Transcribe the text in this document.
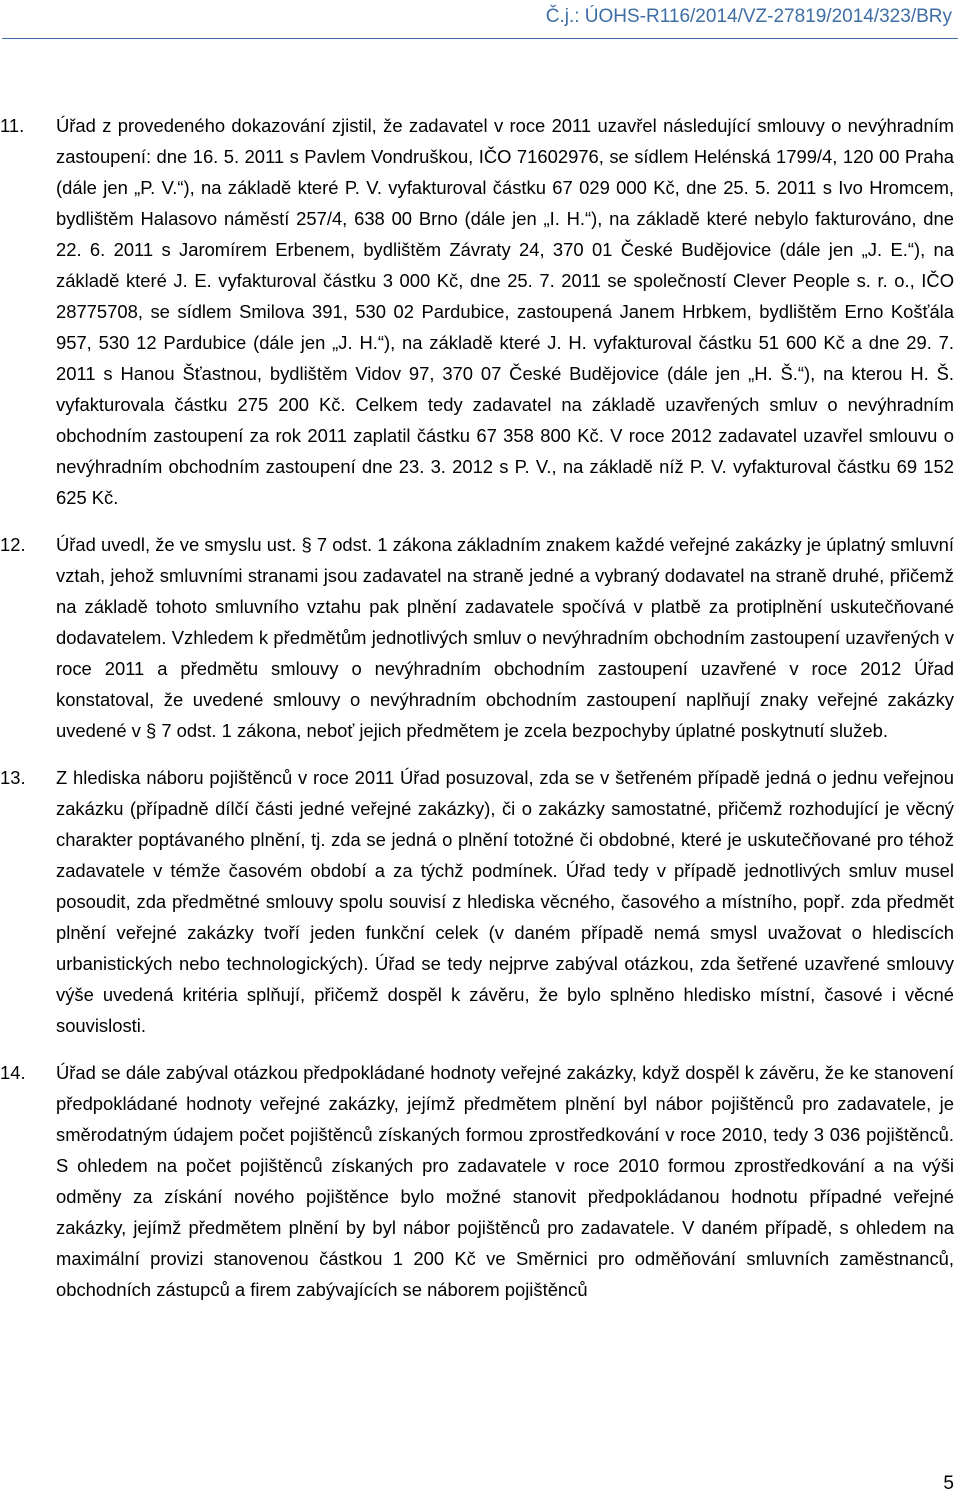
Č.j.: ÚOHS-R116/2014/VZ-27819/2014/323/BRy

11. Úřad z provedeného dokazování zjistil, že zadavatel v roce 2011 uzavřel následující smlouvy o nevýhradním zastoupení: dne 16. 5. 2011 s Pavlem Vondruškou, IČO 71602976, se sídlem Helénská 1799/4, 120 00 Praha (dále jen „P. V.“), na základě které P. V. vyfakturoval částku 67 029 000 Kč, dne 25. 5. 2011 s Ivo Hromcem, bydlištěm Halasovo náměstí 257/4, 638 00 Brno (dále jen „I. H.“), na základě které nebylo fakturováno, dne 22. 6. 2011 s Jaromírem Erbenem, bydlištěm Závraty 24, 370 01 České Budějovice (dále jen „J. E.“), na základě které J. E. vyfakturoval částku 3 000 Kč, dne 25. 7. 2011 se společností Clever People s. r. o., IČO 28775708, se sídlem Smilova 391, 530 02 Pardubice, zastoupená Janem Hrbkem, bydlištěm Erno Košťála 957, 530 12 Pardubice (dále jen „J. H.“), na základě které J. H. vyfakturoval částku 51 600 Kč a dne 29. 7. 2011 s Hanou Šťastnou, bydlištěm Vidov 97, 370 07 České Budějovice (dále jen „H. Š.“), na kterou H. Š. vyfakturovala částku 275 200 Kč. Celkem tedy zadavatel na základě uzavřených smluv o nevýhradním obchodním zastoupení za rok 2011 zaplatil částku 67 358 800 Kč. V roce 2012 zadavatel uzavřel smlouvu o nevýhradním obchodním zastoupení dne 23. 3. 2012 s P. V., na základě níž P. V. vyfakturoval částku 69 152 625 Kč.

12. Úřad uvedl, že ve smyslu ust. § 7 odst. 1 zákona základním znakem každé veřejné zakázky je úplatný smluvní vztah, jehož smluvními stranami jsou zadavatel na straně jedné a vybraný dodavatel na straně druhé, přičemž na základě tohoto smluvního vztahu pak plnění zadavatele spočívá v platbě za protiplnění uskutečňované dodavatelem. Vzhledem k předmětům jednotlivých smluv o nevýhradním obchodním zastoupení uzavřených v roce 2011 a předmětu smlouvy o nevýhradním obchodním zastoupení uzavřené v roce 2012 Úřad konstatoval, že uvedené smlouvy o nevýhradním obchodním zastoupení naplňují znaky veřejné zakázky uvedené v § 7 odst. 1 zákona, neboť jejich předmětem je zcela bezpochyby úplatné poskytnutí služeb.

13. Z hlediska náboru pojištěnců v roce 2011 Úřad posuzoval, zda se v šetřeném případě jedná o jednu veřejnou zakázku (případně dílčí části jedné veřejné zakázky), či o zakázky samostatné, přičemž rozhodující je věcný charakter poptávaného plnění, tj. zda se jedná o plnění totožné či obdobné, které je uskutečňované pro téhož zadavatele v témže časovém období a za týchž podmínek. Úřad tedy v případě jednotlivých smluv musel posoudit, zda předmětné smlouvy spolu souvisí z hlediska věcného, časového a místního, popř. zda předmět plnění veřejné zakázky tvoří jeden funkční celek (v daném případě nemá smysl uvažovat o hlediscích urbanistických nebo technologických). Úřad se tedy nejprve zabýval otázkou, zda šetřené uzavřené smlouvy výše uvedená kritéria splňují, přičemž dospěl k závěru, že bylo splněno hledisko místní, časové i věcné souvislosti.

14. Úřad se dále zabýval otázkou předpokládané hodnoty veřejné zakázky, když dospěl k závěru, že ke stanovení předpokládané hodnoty veřejné zakázky, jejímž předmětem plnění byl nábor pojištěnců pro zadavatele, je směrodatným údajem počet pojištěnců získaných formou zprostředkování v roce 2010, tedy 3 036 pojištěnců. S ohledem na počet pojištěnců získaných pro zadavatele v roce 2010 formou zprostředkování a na výši odměny za získání nového pojištěnce bylo možné stanovit předpokládanou hodnotu případné veřejné zakázky, jejímž předmětem plnění by byl nábor pojištěnců pro zadavatele. V daném případě, s ohledem na maximální provizi stanovenou částkou 1 200 Kč ve Směrnici pro odměňování smluvních zaměstnanců, obchodních zástupců a firem zabývajících se náborem pojištěnců

5
